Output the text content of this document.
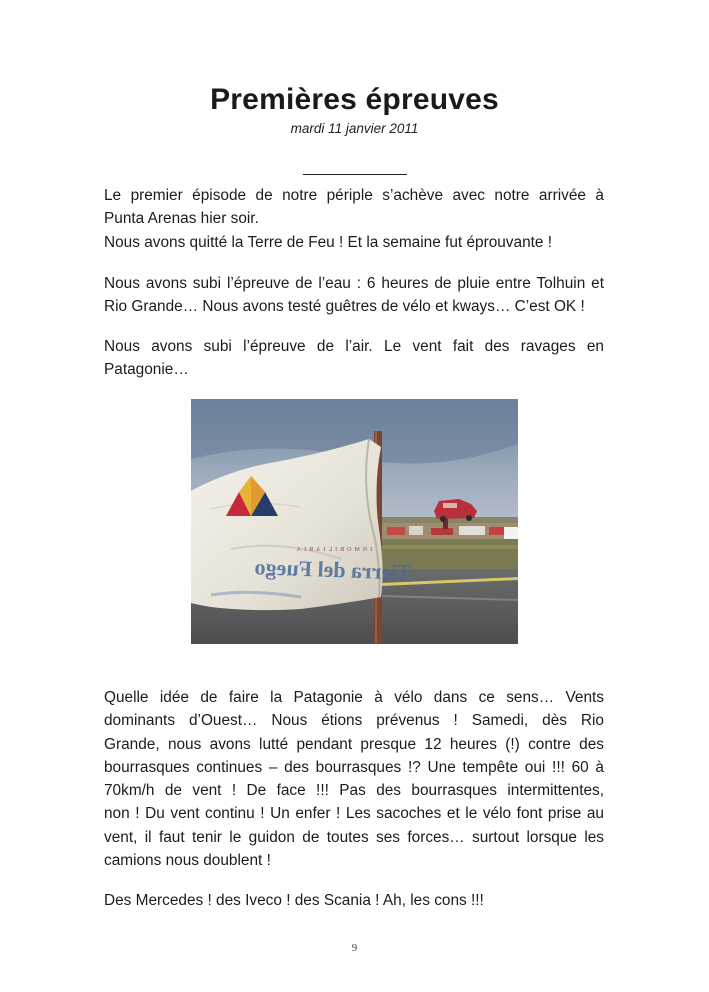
Premières épreuves
mardi 11 janvier 2011

Le premier épisode de notre périple s’achève avec notre arrivée à
Punta Arenas hier soir.
Nous avons quitté la Terre de Feu ! Et la semaine fut éprouvante !

Nous avons subi l’épreuve de l’eau : 6 heures de pluie entre Tolhuin et
Rio Grande… Nous avons testé guêtres de vélo et kways… C’est OK !

Nous avons subi l’épreuve de l’air. Le vent fait des ravages en
Patagonie…

INMOBILIARIA
Tierra del Fuego

Quelle idée de faire la Patagonie à vélo dans ce sens… Vents
dominants d’Ouest… Nous étions prévenus ! Samedi, dès Rio
Grande, nous avons lutté pendant presque 12 heures (!) contre des
bourrasques continues – des bourrasques !? Une tempête oui !!! 60 à
70km/h de vent ! De face !!! Pas des bourrasques intermittentes,
non ! Du vent continu ! Un enfer ! Les sacoches et le vélo font prise au
vent, il faut tenir le guidon de toutes ses forces… surtout lorsque les
camions nous doublent !

Des Mercedes ! des Iveco ! des Scania ! Ah, les cons !!!

9
